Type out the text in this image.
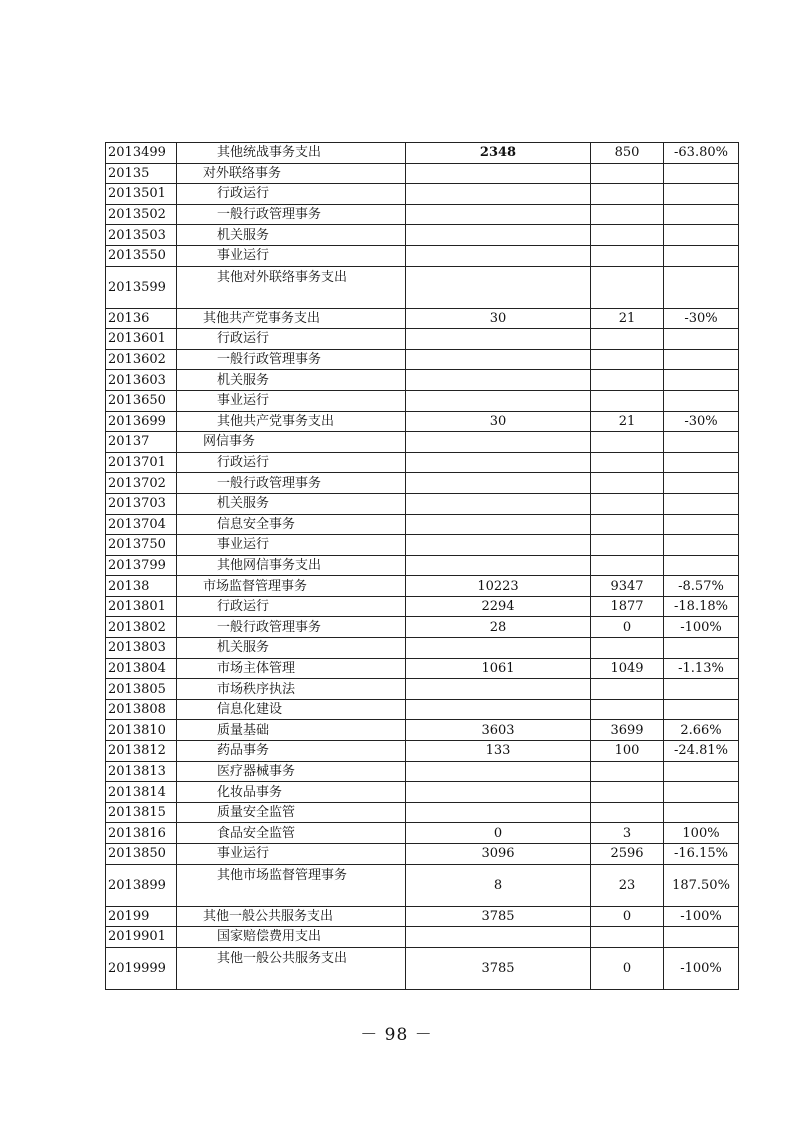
2013499	其他统战事务支出	2348	850	-63.80%
20135	对外联络事务			
2013501	行政运行			
2013502	一般行政管理事务			
2013503	机关服务			
2013550	事业运行			
2013599	其他对外联络事务支出			
20136	其他共产党事务支出	30	21	-30%
2013601	行政运行			
2013602	一般行政管理事务			
2013603	机关服务			
2013650	事业运行			
2013699	其他共产党事务支出	30	21	-30%
20137	网信事务			
2013701	行政运行			
2013702	一般行政管理事务			
2013703	机关服务			
2013704	信息安全事务			
2013750	事业运行			
2013799	其他网信事务支出			
20138	市场监督管理事务	10223	9347	-8.57%
2013801	行政运行	2294	1877	-18.18%
2013802	一般行政管理事务	28	0	-100%
2013803	机关服务			
2013804	市场主体管理	1061	1049	-1.13%
2013805	市场秩序执法			
2013808	信息化建设			
2013810	质量基础	3603	3699	2.66%
2013812	药品事务	133	100	-24.81%
2013813	医疗器械事务			
2013814	化妆品事务			
2013815	质量安全监管			
2013816	食品安全监管	0	3	100%
2013850	事业运行	3096	2596	-16.15%
2013899	其他市场监督管理事务	8	23	187.50%
20199	其他一般公共服务支出	3785	0	-100%
2019901	国家赔偿费用支出			
2019999	其他一般公共服务支出	3785	0	-100%
－ 98 －
